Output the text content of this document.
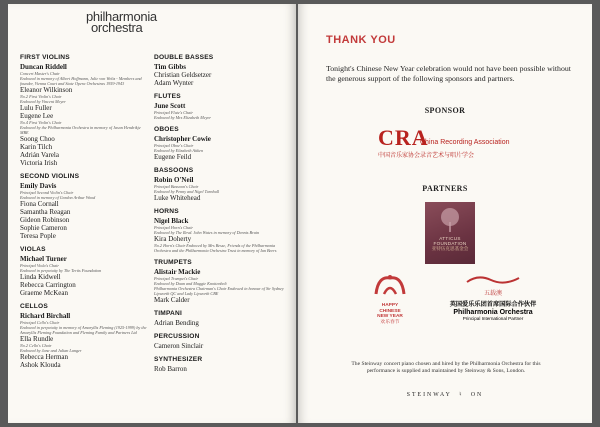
philharmonia
orchestra
FIRST VIOLINS
Duncan Riddell
Concert Master's Chair
Endowed in memory of Albert Hoffmann, Julie von Weltz - Members and founder, Vienna Court and State Opera Orchestras 1959-1943
Eleanor Wilkinson
No.2 First Violin's Chair
Endowed by Vincent Meyer
Lulu Fuller
Eugene Lee
No.4 First Violin's Chair
Endowed by the Philharmonia Orchestra in memory of Jason Hendrikje MBE
Soong Choo
Karin Tilch
Adrián Varela
Victoria Irish
SECOND VIOLINS
Emily Davis
Principal Second Violin's Chair
Endowed in memory of Gordon Arthur Wood
Fiona Cornall
Samantha Reagan
Gideon Robinson
Sophie Cameron
Teresa Pople
VIOLAS
Michael Turner
Principal Viola's Chair
Endowed in perpetuity by The Tertis Foundation
Linda Kidwell
Rebecca Carrington
Graeme McKean
CELLOS
Richard Birchall
Principal Cello's Chair
Endowed in perpetuity in memory of Amaryllis Fleming (1925-1999) by the Amaryllis Fleming Foundation and Fleming Family and Partners Ltd
Ella Rundle
No.2 Cello's Chair
Endowed by Jane and Julian Langer
Rebecca Herman
Ashok Klouda
DOUBLE BASSES
Tim Gibbs
Christian Geldsetzer
Adam Wynter
FLUTES
June Scott
Principal Flute's Chair
Endowed by Mrs Elizabeth Meyer
OBOES
Christopher Cowie
Principal Oboe's Chair
Endowed by Elizabeth Aitken
Eugene Feild
BASSOONS
Robin O'Neil
Principal Bassoon's Chair
Endowed by Penny and Nigel Turnbull
Luke Whitehead
HORNS
Nigel Black
Principal Horn's Chair
Endowed by The Revd. John Wates in memory of Dennis Brain
Kira Doherty
No.2 Horn's Chair Endowed by Mrs Besse, Friends of the Philharmonia Orchestra and the Philharmonia Orchestra Trust in memory of Ian Beers
TRUMPETS
Alistair Mackie
Principal Trumpet's Chair
Endowed by Daan and Maggie Knottenbelt
Philharmonia Orchestra Chairman's Chair Endowed in honour of Sir Sydney Lipworth QC and Lady Lipworth CBE
Mark Calder
TIMPANI
Adrian Bending
PERCUSSION
Cameron Sinclair
SYNTHESIZER
Rob Barron
THANK YOU
Tonight's Chinese New Year celebration would not have been possible without the generous support of the following sponsors and partners.
SPONSOR
CRA
China Recording Association
中国音乐家协会录音艺术与唱片学会
PARTNERS
ATTICUS FOUNDATION
亚特伍克思基金会
HAPPY
CHINESE
NEW YEAR
欢乐春节
五载澳
英国爱乐乐团首席国际合作伙伴
Philharmonia Orchestra
Principal International Partner
The Steinway concert piano chosen and hired by the Philharmonia Orchestra for this performance is supplied and maintained by Steinway & Sons, London.
STEINWAY ♮ ON
